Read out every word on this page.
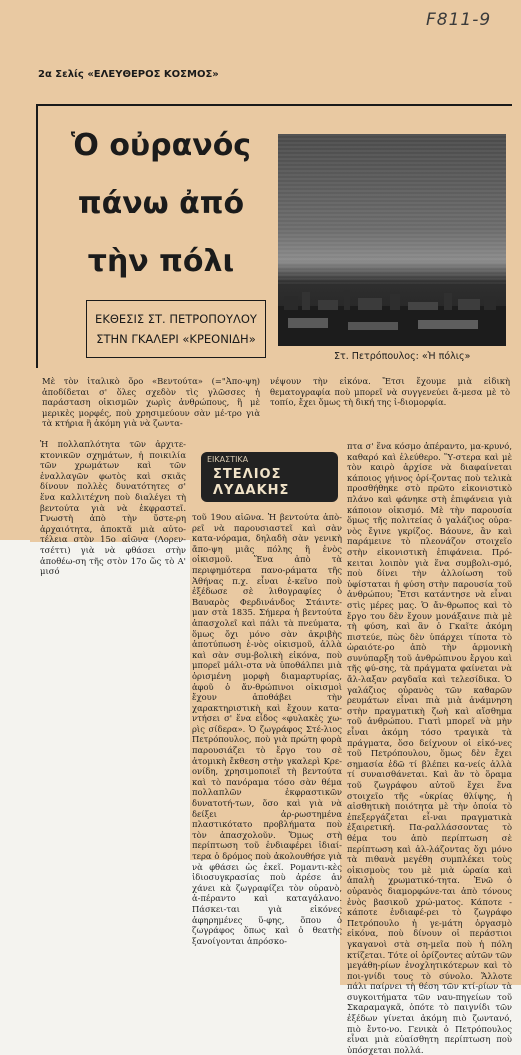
F811-9
2α Σελίς «ΕΛΕΥΘΕΡΟΣ ΚΟΣΜΟΣ»
Ὁ οὐρανός
πάνω ἀπό
τὴν πόλι
ΕΚΘΕΣΙΣ ΣΤ. ΠΕΤΡΟΠΟΥΛΟΥ
ΣΤΗΝ ΓΚΑΛΕΡΙ «ΚΡΕΟΝΙΔΗ»
Στ. Πετρόπουλος: «Ἡ πόλις»
Μὲ τὸν ἰταλικὸ ὅρο «Βεντούτα» (="Ἀπο-ψη) ἀποδίδεται σ' ὅλες σχεδὸν τὶς γλῶσσες ἡ παράσταση οἰκισμῶν χωρὶς ἀνθρώπους, ἢ μὲ μερικὲς μορφές, ποὺ χρησιμεύουν σὰν μέ-τρο γιὰ τὰ κτήρια ἢ ἀκόμη γιὰ νὰ ζωντα-
νέψουν τὴν εἰκόνα. Ἔτσι ἔχουμε μιὰ εἰδικὴ θεματογραφία ποὺ μπορεῖ νὰ συγγενεύει ἄ-μεσα μὲ τὸ τοπίο, ἔχει ὅμως τὴ δική της ἰ-διομορφία.
Ἡ πολλαπλότητα τῶν ἀρχιτε-κτονικῶν σχημάτων, ἡ ποικιλία τῶν χρωμάτων καὶ τῶν ἐναλλαγῶν φωτὸς καὶ σκιᾶς δίνουν πολλὲς δυνατότητες σ' ἕνα καλλιτέχνη ποὺ διαλέγει τὴ βεντούτα γιὰ νὰ ἐκφραστεῖ. Γνωστὴ ἀπὸ τὴν ὕστε-ρη ἀρχαιότητα, ἀποκτᾶ μιὰ αὐτο-τέλεια στὸν 15ο αἰῶνα (Λορεν-τσέττι) γιὰ νὰ φθάσει στὴν ἀποθέω-ση τῆς στὸν 17ο ὥς τὸ Α' μισό
ΕΙΚΑΣΤΙΚΑ
ΣΤΕΛΙΟΣ
ΛΥΔΑΚΗΣ
τοῦ 19ου αἰῶνα. Ἡ βεντούτα ἀπὸ-ρεῖ νὰ παρουσιαστεῖ καὶ σὰν κατα-νόραμα, δηλαδὴ σὰν γενικὴ ἄπο-ψη μιᾶς πόλης ἢ ἑνὸς οἰκισμοῦ. Ἕνα ἀπὸ τὰ περιφημότερα πανο-ράματα τῆς Ἀθήνας π.χ. εἶναι ἐ-κεῖνο ποὺ ἐξέδωσε σὲ λιθογραφίες ὁ Βαυαρὸς Φερδινάνδος Στάιντε-μαν στὰ 1835. Σήμερα ἡ βεντούτα ἀπασχολεῖ καὶ πάλι τὰ πνεύματα, ὅμως ὄχι μόνο σὰν ἀκριβὴς ἀποτύπωση ἑ-νὸς οἰκισμοῦ, ἀλλὰ καὶ σὰν συμ-βολικὴ εἰκόνα, ποὺ μπορεῖ μάλι-στα νὰ ὑποθάλπει μιὰ ὁρισμένη μορφὴ διαμαρτυρίας, ἀφοῦ ὁ ἄν-θρώπινοι οἰκισμοὶ ἔχουν ἀποθάβει τὴν χαρακτηριστικὴ καὶ ἔχουν κατα-ντήσει σ' ἕνα εἶδος «φυλακὲς χω-ρὶς σίδερα». Ὁ ζωγράφος Στέ-λιος Πετρόπουλος, ποὺ γιὰ πρώτη φορὰ παρουσιάζει τὸ ἔργο του σὲ ἀτομικὴ ἔκθεση στὴν γκαλερὶ Κρε-ονίδη, χρησιμοποιεῖ τὴ βεντούτα καὶ τὸ πανόραμα τόσο σὰν θέμα πολλαπλῶν ἐκφραστικῶν δυνατοτή-των, ὅσο καὶ γιὰ νὰ δείξει ἀρ-ρωστημένα πλαστικότατο προβλήματα ποὺ τὸν ἀπασχολοῦν. Ὅμως στὴ περίπτωση τοῦ ἐνδιαφέρει ἰδιαί-τερα ὁ δρόμος ποὺ ἀκολουθήσε γιὰ νὰ φθάσει ὡς ἐκεῖ. Ρομαντι-κὲς ἰδιοσυγκρασίας ποὺ ἀρέσε ἀν χάνει κὰ ζωγραφίζει τὸν οὐρανὸ, ἀ-πέραντο καὶ καταγάλανο. Πάσκει-ται γιὰ εἰκόνες ἀφηρημένες ὕ-φης, ὅπου ὁ ζωγράφος ὅπως καὶ ὁ θεατὴς ξανοίγονται ἀπρόσκο-
πτα σ' ἕνα κόσμο ἀπέραντο, μα-κρυνό, καθαρό καὶ ἐλεύθερο. Ὕ-στερα καὶ μὲ τὸν καιρὸ ἀρχίσε νὰ διαφαίνεται κάποιος γήινος ὁρί-ζοντας ποὺ τελικὰ προσθήθηκε στὸ πρῶτο εἰκονιστικὸ πλάνο καὶ φάνηκε στὴ ἐπιφάνεια γιὰ κάποιον οἰκισμό. Μὲ τὴν παρουσία ὅμως τῆς πολιτείας ὁ γαλάζιος οὐρα-νὸς ἔγινε γκρίζος. Βάουνε, ἂν καὶ παράμεινε τὸ πλεονάζον στοιχεῖο στὴν εἰκονιστικὴ ἐπιφάνεια. Πρό-κειται λοιπὸν γιὰ ἕνα συμβολι-σμό, ποὺ δίνει τὴν ἀλλοίωση τοῦ ὑφίσταται ἡ φύση στὴν παρουσία τοῦ ἀνθρώπου; Ἔτσι κατάντησε νὰ εἶναι στὶς μέρες μας. Ὁ ἄν-θρωπος καὶ τὸ ἔργο του δὲν ἔχουν μονάξαινε πιὰ μὲ τὴ φύση, καὶ ἂν ὁ Γκαῖτε ἀκόμη πιστεύε, πὼς δὲν ὑπάρχει τίποτα τὸ ὡραιότε-ρο ἀπὸ τὴν ἁρμονικὴ συνύπαρξη τοῦ ἀνθρώπινου ἔργου καὶ τῆς φύ-σης, τὰ πράγματα φαίνεται νὰ ἄλ-λαξαν ραγδαῖα καὶ τελεσίδικα. Ὁ γαλάζιος οὐρανὸς τῶν καθαρῶν ρευμάτων εἶναι πιὰ μιὰ ἀνάμνηση στὴν πραγματικὴ ζωὴ καὶ αἴσθημα τοῦ ἀνθρώπου. Γιατὶ μπορεῖ νὰ μὴν εἶναι ἀκόμη τόσο τραγικὰ τὰ πράγματα, ὅσο δείχνουν οἱ εἰκό-νες τοῦ Πετρόπουλου, ὅμως δὲν ἔχει σημασία ἐδῶ τί βλέπει κα-νείς ἀλλὰ τί συναισθάνεται. Καὶ ἂν τὸ ὅραμα τοῦ ζωγράφου αὐτοῦ ἔχει ἕνα στοιχεῖο τῆς «ὑκρίας θλίψης, ἡ αἰσθητικὴ ποιότητα μὲ τὴν ὁποία τὸ ἐπεξεργάζεται εἶ-ναι πραγματικὰ ἐξαιρετική. Πα-ραλλάσσοντας τὸ θέμα του ἀπὸ περίπτωση σὲ περίπτωση καὶ ἀλ-λάζοντας ὅχι μόνο τὰ πιθανὰ μεγέθη συμπλέκει τοὺς οἰκισμοὺς του μὲ μιὰ ὡραία καὶ ἀπαλὴ χρωματικό-τητα. Ἐνῶ ὁ οὐρανὸς διαμορφώνε-ται ἀπὸ τόνους ἐνὸς βασικοῦ χρώ-ματος. Κάποτε - κάποτε ἐνδιαφέ-ρει τὸ ζωγράφο Πετρόπουλο ἡ γε-μάτη ὀργασμὸ εἰκόνα, ποὺ δίνουν οἱ περάστιοι γκαγανοὶ στὰ ση-μεῖα ποὺ ἡ πόλη κτίζεται. Τότε οἱ ὁρίζοντες αὐτῶν τῶν μεγάθη-ρίων ἐνοχλητικότερων καὶ τὸ ποι-γνίδι τους τὸ σύνολο. Ἄλλοτε πάλι παίρνει τὴ θέση τῶν κτί-ρίων τὰ συγκοιτήματα τῶν ναυ-πηγείων τοῦ Σκαραμαγκᾶ, ὁπότε τὸ παιγνίδι τῶν ἐξέδων γίνεται ἀκόμη πιὸ ζωντανό, πιὸ ἔντο-νο. Γενικὰ ὁ Πετρόπουλος εἶναι μιὰ εὐαίσθητη περίπτωση ποὺ ὑπόσχεται πολλά.
